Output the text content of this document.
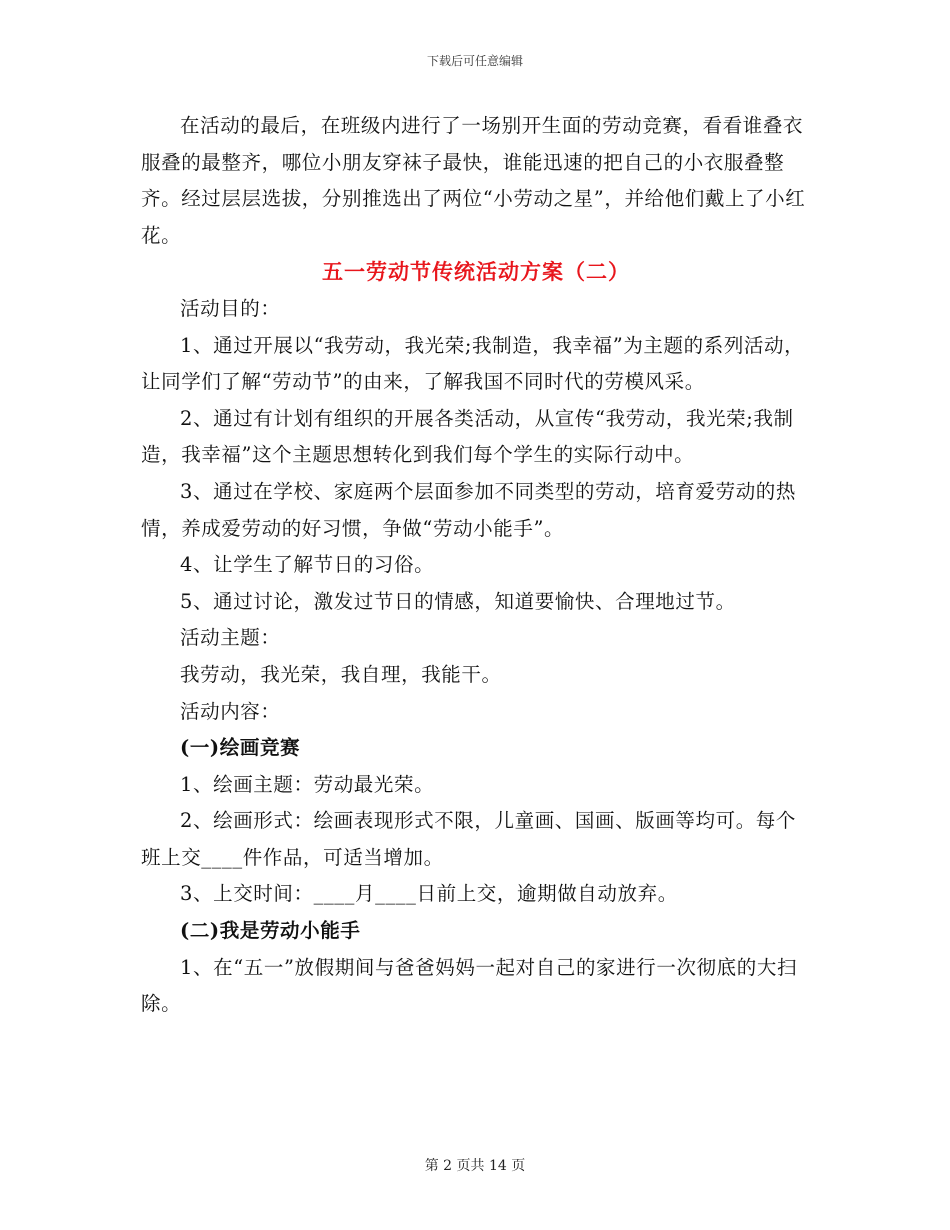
下载后可任意编辑

在活动的最后，在班级内进行了一场别开生面的劳动竞赛，看看谁叠衣服叠的最整齐，哪位小朋友穿袜子最快，谁能迅速的把自己的小衣服叠整齐。经过层层选拔，分别推选出了两位“小劳动之星”，并给他们戴上了小红花。

五一劳动节传统活动方案（二）

活动目的：

1、通过开展以“我劳动，我光荣;我制造，我幸福”为主题的系列活动，让同学们了解“劳动节”的由来，了解我国不同时代的劳模风采。

2、通过有计划有组织的开展各类活动，从宣传“我劳动，我光荣;我制造，我幸福”这个主题思想转化到我们每个学生的实际行动中。

3、通过在学校、家庭两个层面参加不同类型的劳动，培育爱劳动的热情，养成爱劳动的好习惯，争做“劳动小能手”。

4、让学生了解节日的习俗。

5、通过讨论，激发过节日的情感，知道要愉快、合理地过节。

活动主题：

我劳动，我光荣，我自理，我能干。

活动内容：

(一)绘画竞赛

1、绘画主题：劳动最光荣。

2、绘画形式：绘画表现形式不限，儿童画、国画、版画等均可。每个班上交____件作品，可适当增加。

3、上交时间：____月____日前上交，逾期做自动放弃。

(二)我是劳动小能手

1、在“五一”放假期间与爸爸妈妈一起对自己的家进行一次彻底的大扫除。

第 2 页共 14 页
